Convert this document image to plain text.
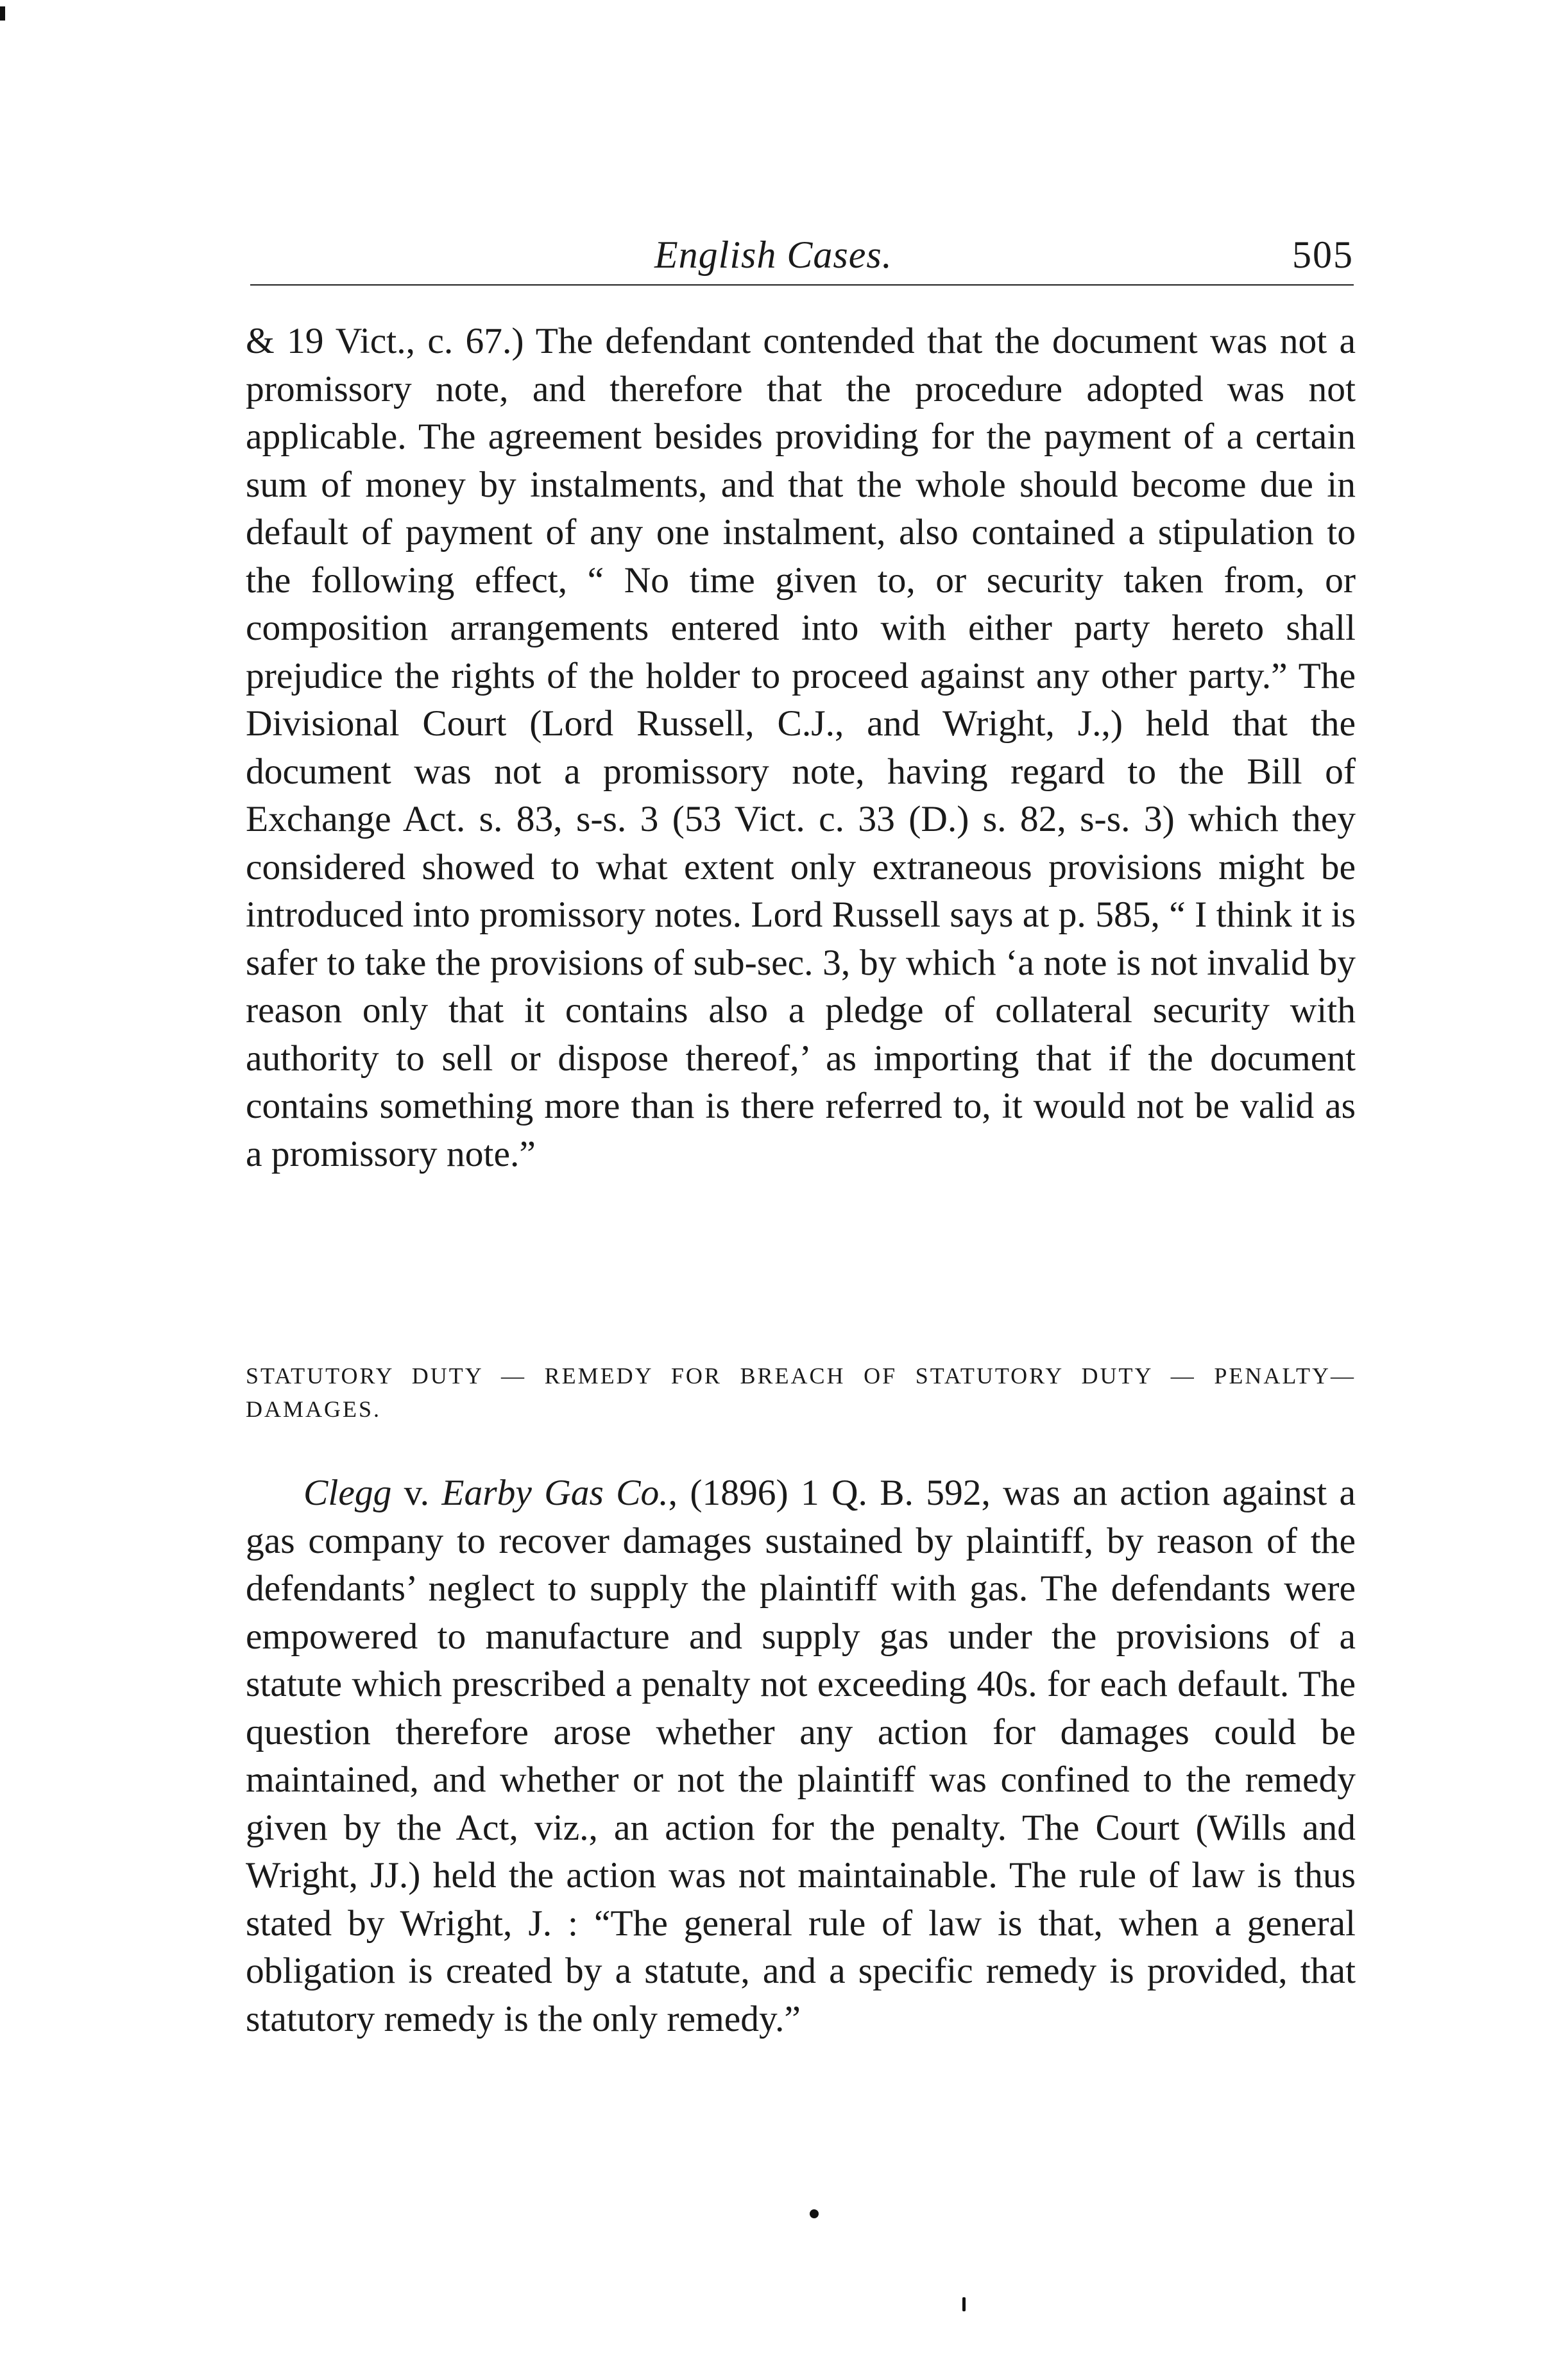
English Cases.	505

& 19 Vict., c. 67.) The defendant contended that the document was not a promissory note, and therefore that the procedure adopted was not applicable. The agreement besides providing for the payment of a certain sum of money by instalments, and that the whole should become due in default of payment of any one instalment, also contained a stipulation to the following effect, “ No time given to, or security taken from, or composition arrangements entered into with either party hereto shall prejudice the rights of the holder to proceed against any other party.” The Divisional Court (Lord Russell, C.J., and Wright, J.,) held that the document was not a promissory note, having regard to the Bill of Exchange Act. s. 83, s-s. 3 (53 Vict. c. 33 (D.) s. 82, s-s. 3) which they considered showed to what extent only extraneous provisions might be introduced into promissory notes. Lord Russell says at p. 585, “ I think it is safer to take the provisions of sub-sec. 3, by which ‘a note is not invalid by reason only that it contains also a pledge of collateral security with authority to sell or dispose thereof,’ as importing that if the document contains something more than is there referred to, it would not be valid as a promissory note.”

STATUTORY DUTY — REMEDY FOR BREACH OF STATUTORY DUTY — PENALTY— DAMAGES.

Clegg v. Earby Gas Co., (1896) 1 Q. B. 592, was an action against a gas company to recover damages sustained by plaintiff, by reason of the defendants’ neglect to supply the plaintiff with gas. The defendants were empowered to manufacture and supply gas under the provisions of a statute which prescribed a penalty not exceeding 40s. for each default. The question therefore arose whether any action for damages could be maintained, and whether or not the plaintiff was confined to the remedy given by the Act, viz., an action for the penalty. The Court (Wills and Wright, JJ.) held the action was not maintainable. The rule of law is thus stated by Wright, J. : “The general rule of law is that, when a general obligation is created by a statute, and a specific remedy is provided, that statutory remedy is the only remedy.”
